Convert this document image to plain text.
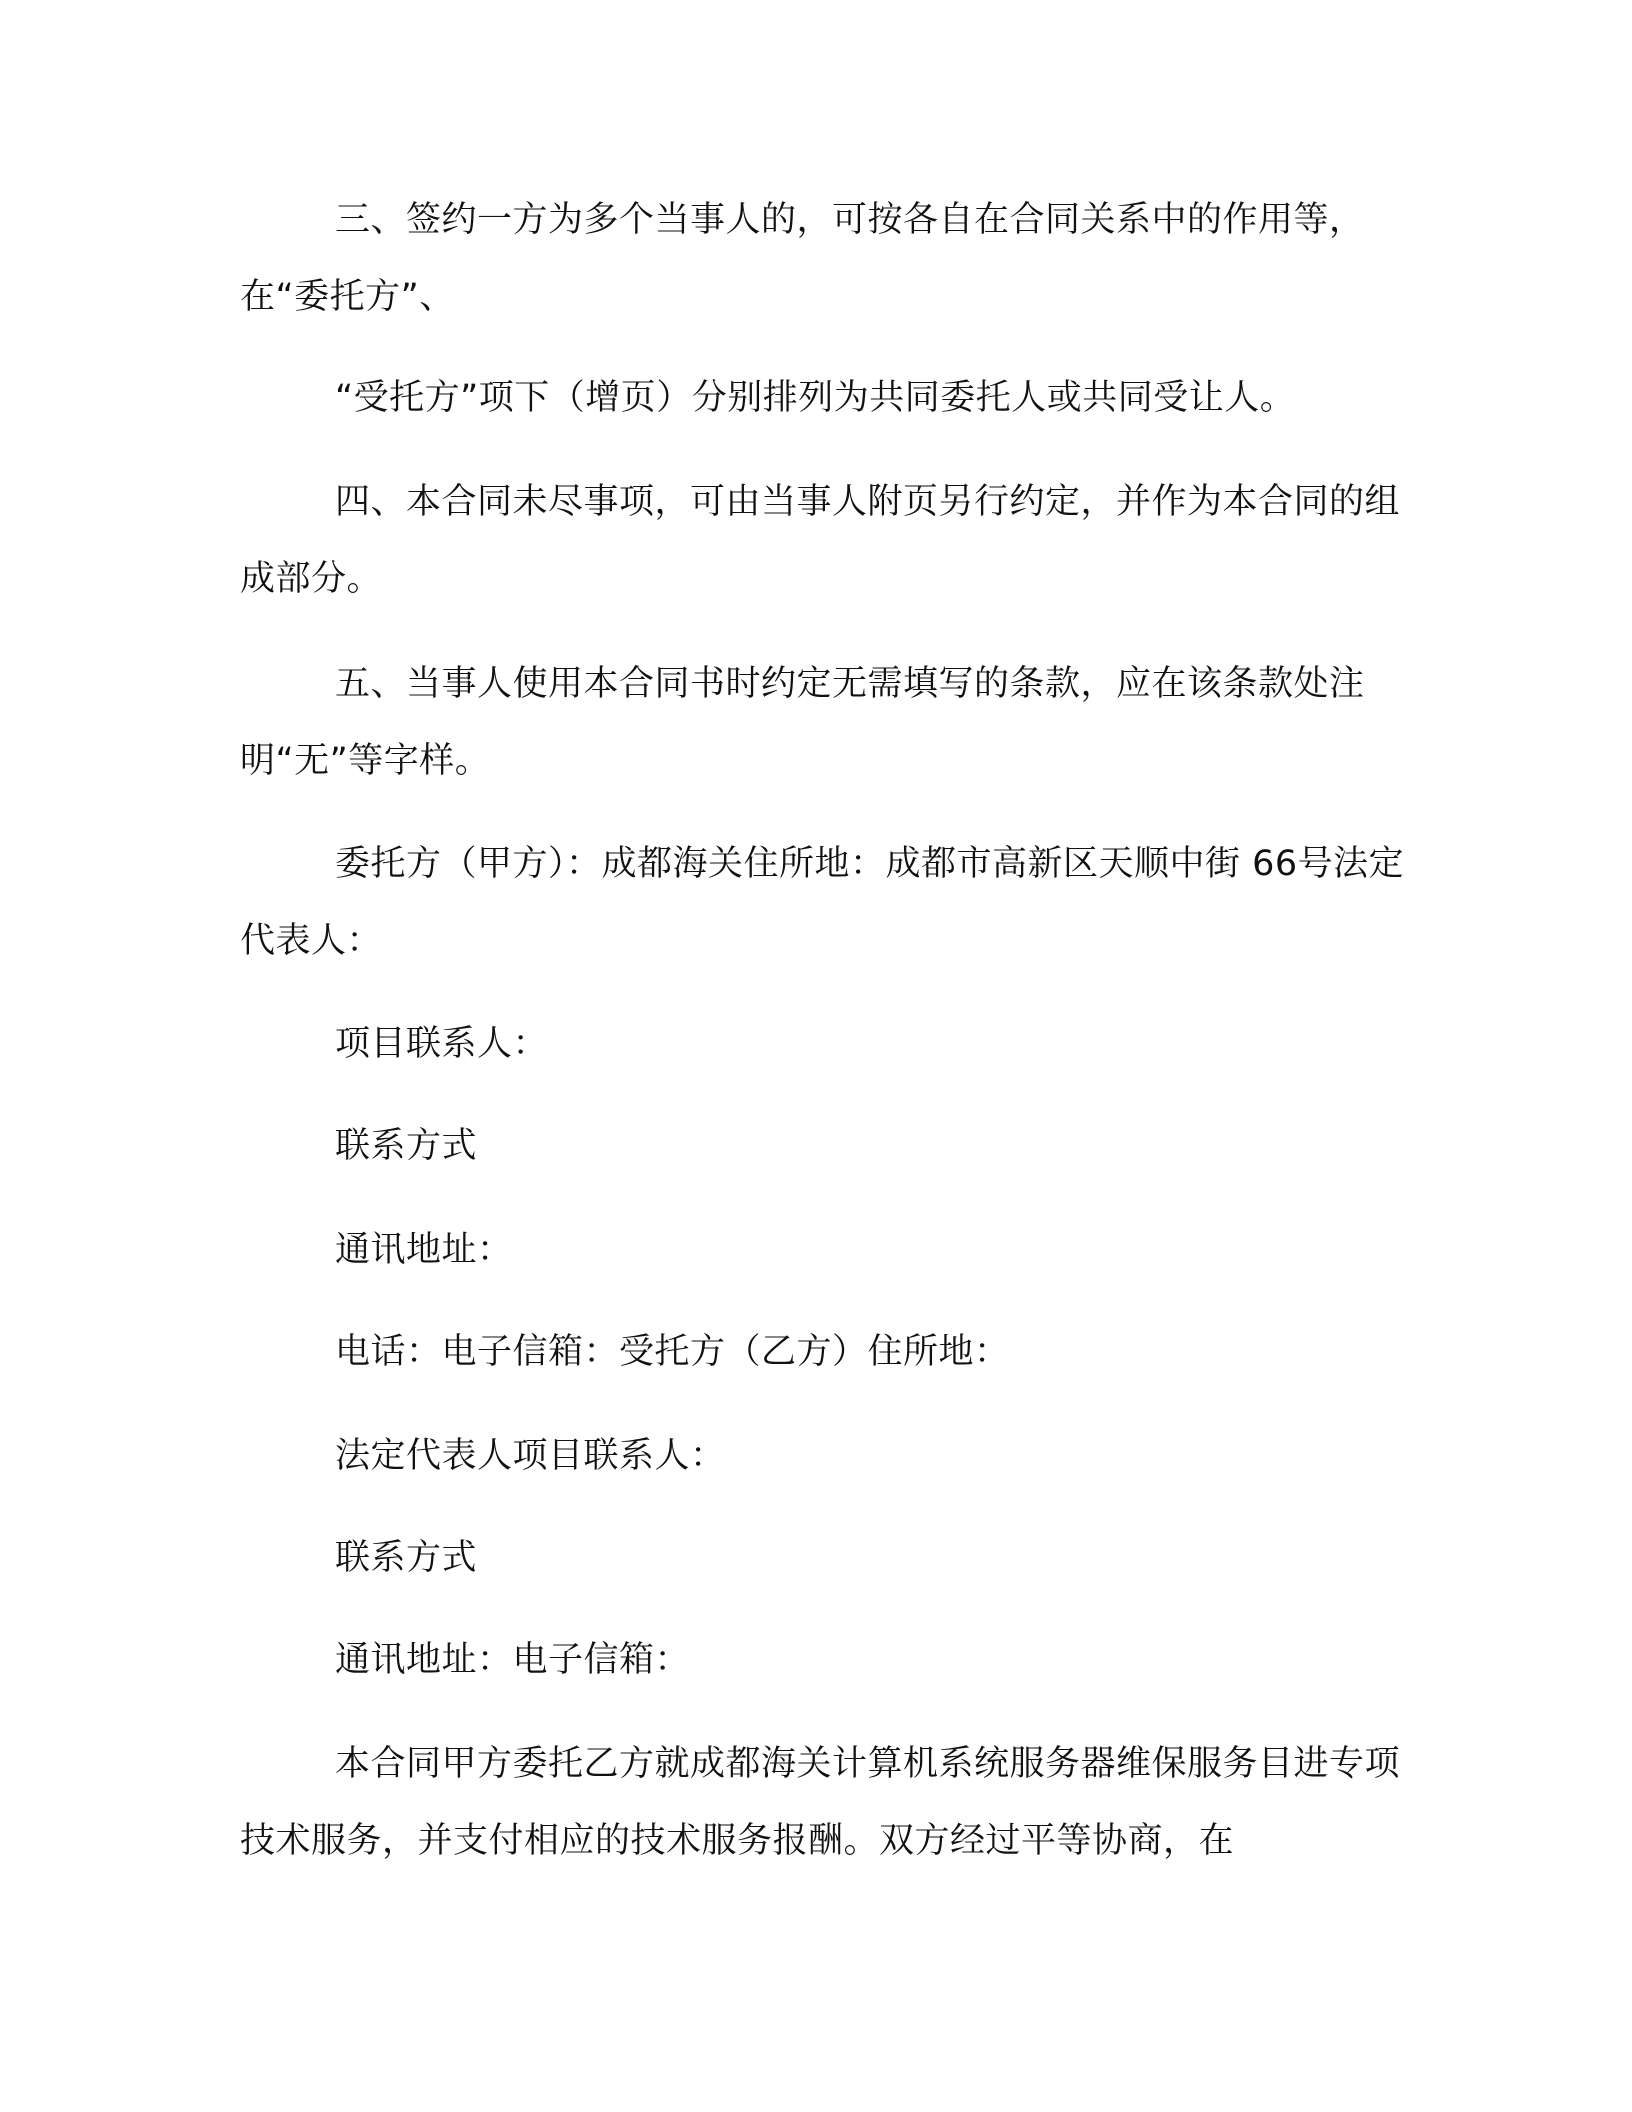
三、签约一方为多个当事人的，可按各自在合同关系中的作用等，在“委托方”、

“受托方”项下（增页）分别排列为共同委托人或共同受让人。

四、本合同未尽事项，可由当事人附页另行约定，并作为本合同的组成部分。

五、当事人使用本合同书时约定无需填写的条款，应在该条款处注明“无”等字样。

委托方（甲方）：成都海关住所地：成都市高新区天顺中街 66号法定代表人：

项目联系人：

联系方式

通讯地址：

电话：电子信箱：受托方（乙方）住所地：

法定代表人项目联系人：

联系方式

通讯地址：电子信箱：

本合同甲方委托乙方就成都海关计算机系统服务器维保服务目进专项技术服务，并支付相应的技术服务报酬。双方经过平等协商，在
